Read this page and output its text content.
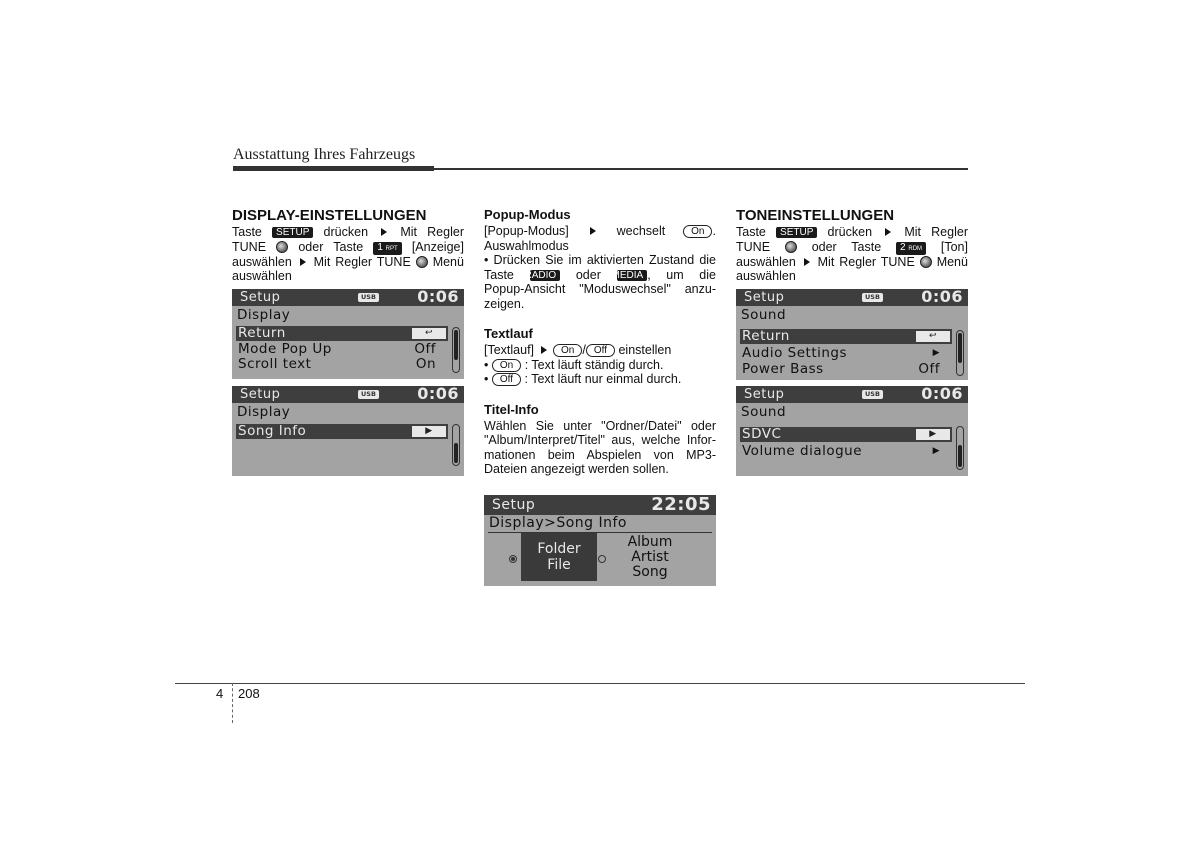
Ausstattung Ihres Fahrzeugs
DISPLAY-EINSTELLUNGEN
Taste SETUP drücken	Mit Regler
TUNE	oder Taste 1 RPT [Anzeige]
auswählen Mit Regler TUNE Menü
auswählen
Setup	USB	0:06
Display
Return	↩
Mode Pop Up	Off
Scroll text	On
Setup	USB	0:06
Display
Song Info	▶
Popup-Modus
[Popup-Modus]	wechselt	On .
Auswahlmodus
• Drücken Sie im aktivierten Zustand die
Taste RADIO oder MEDIA , um die
Popup-Ansicht "Moduswechsel" anzu-
zeigen.
Textlauf
[Textlauf]	On / Off einstellen
• On : Text läuft ständig durch.
• Off : Text läuft nur einmal durch.
Titel-Info
Wählen Sie unter "Ordner/Datei" oder
"Album/Interpret/Titel" aus, welche Infor-
mationen beim Abspielen von MP3-
Dateien angezeigt werden sollen.
Setup	22:05
Display>Song Info
Folder
File
Album
Artist
Song
TONEINSTELLUNGEN
Taste SETUP drücken	Mit Regler
TUNE	oder Taste 2 RDM [Ton]
auswählen Mit Regler TUNE Menü
auswählen
Setup	USB	0:06
Sound
Return	↩
Audio Settings	▶
Power Bass	Off
Setup	USB	0:06
Sound
SDVC	▶
Volume dialogue	▶
4 208
